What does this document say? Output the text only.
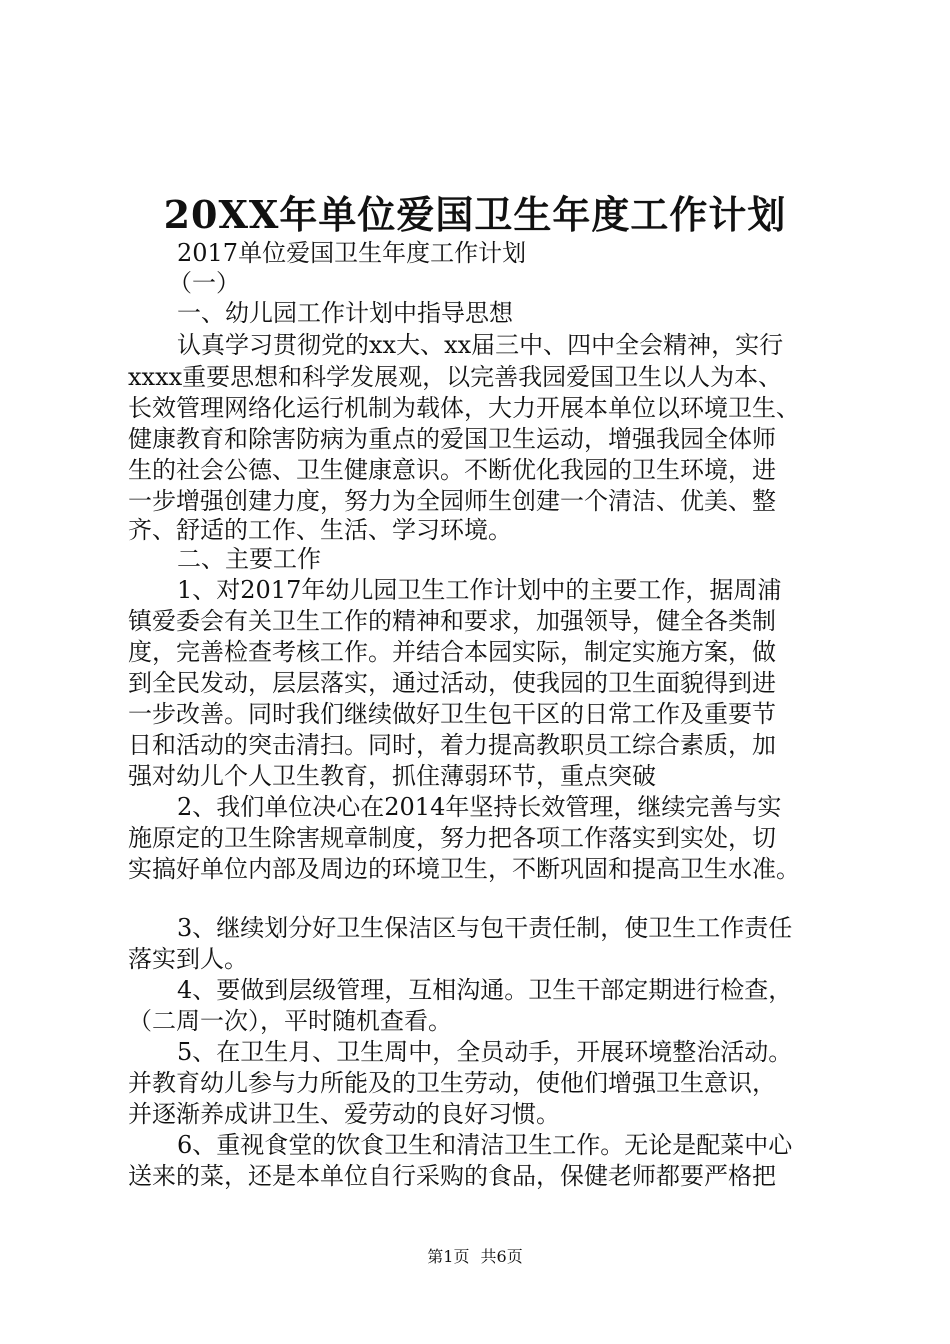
20XX年单位爱国卫生年度工作计划
2017单位爱国卫生年度工作计划
（一）
一、幼儿园工作计划中指导思想
认真学习贯彻党的xx大、xx届三中、四中全会精神，实行
xxxx重要思想和科学发展观，以完善我园爱国卫生以人为本、
长效管理网络化运行机制为载体，大力开展本单位以环境卫生、
健康教育和除害防病为重点的爱国卫生运动，增强我园全体师
生的社会公德、卫生健康意识。不断优化我园的卫生环境，进
一步增强创建力度，努力为全园师生创建一个清洁、优美、整
齐、舒适的工作、生活、学习环境。
二、主要工作
1、对2017年幼儿园卫生工作计划中的主要工作，据周浦
镇爱委会有关卫生工作的精神和要求，加强领导，健全各类制
度，完善检查考核工作。并结合本园实际，制定实施方案，做
到全民发动，层层落实，通过活动，使我园的卫生面貌得到进
一步改善。同时我们继续做好卫生包干区的日常工作及重要节
日和活动的突击清扫。同时，着力提高教职员工综合素质，加
强对幼儿个人卫生教育，抓住薄弱环节，重点突破
2、我们单位决心在2014年坚持长效管理，继续完善与实
施原定的卫生除害规章制度，努力把各项工作落实到实处，切
实搞好单位内部及周边的环境卫生，不断巩固和提高卫生水准。
3、继续划分好卫生保洁区与包干责任制，使卫生工作责任
落实到人。
4、要做到层级管理，互相沟通。卫生干部定期进行检查，
（二周一次），平时随机查看。
5、在卫生月、卫生周中，全员动手，开展环境整治活动。
并教育幼儿参与力所能及的卫生劳动，使他们增强卫生意识，
并逐渐养成讲卫生、爱劳动的良好习惯。
6、重视食堂的饮食卫生和清洁卫生工作。无论是配菜中心
送来的菜，还是本单位自行采购的食品，保健老师都要严格把
第1页 共6页
